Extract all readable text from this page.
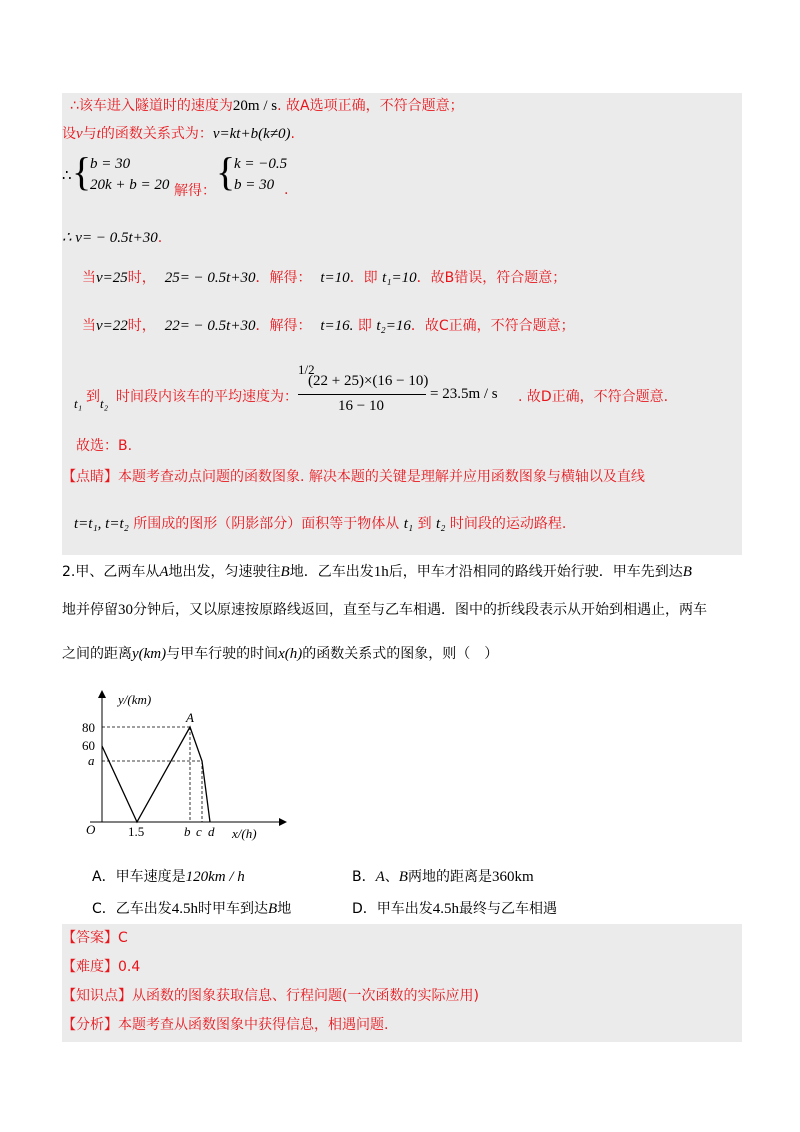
∴该车进入隧道时的速度为20m / s. 故A选项正确，不符合题意；
设v与t的函数关系式为：v=kt+b(k≠0).
∴ {
b = 30
20k + b = 20 解得： {
k = −0.5
b = 30 .
∴ v= − 0.5t+30.
当v=25时， 25= − 0.5t+30．解得： t=10．即 t₁=10．故B错误，符合题意；
当v=22时， 22= − 0.5t+30．解得： t=16. 即 t₂=16．故C正确，不符合题意；
t₁ 到 t₂ 时间段内该车的平均速度为：
1/2
(22 + 25)×(16 − 10)
16 − 10
= 23.5m / s . 故D正确，不符合题意.
故选：B.
【点睛】本题考查动点问题的函数图象. 解决本题的关键是理解并应用函数图象与横轴以及直线
t=t₁, t=t₂ 所围成的图形（阴影部分）面积等于物体从 t₁ 到 t₂ 时间段的运动路程.
2.甲、乙两车从A地出发，匀速驶往B地．乙车出发1h后，甲车才沿相同的路线开始行驶．甲车先到达B
地并停留30分钟后，又以原速按原路线返回，直至与乙车相遇．图中的折线段表示从开始到相遇止，两车
之间的距离y(km)与甲车行驶的时间x(h)的函数关系式的图象，则（　）
y/(km)
x/(h)
O
80
60
a
1.5	b c d
A
A．甲车速度是120km / h	B．A、B两地的距离是360km
C．乙车出发4.5h时甲车到达B地	D．甲车出发4.5h最终与乙车相遇
【答案】C
【难度】0.4
【知识点】从函数的图象获取信息、行程问题(一次函数的实际应用)
【分析】本题考查从函数图象中获得信息，相遇问题.
